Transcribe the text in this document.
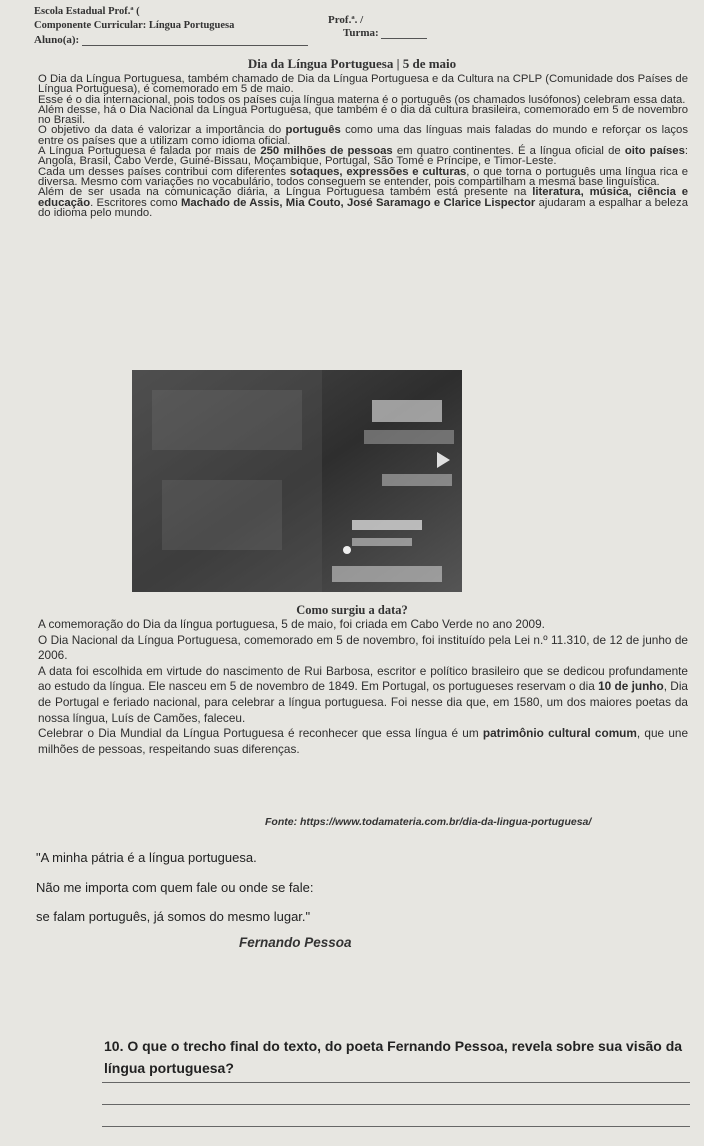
Escola Estadual Prof.ª (
Prof.ª. /
Componente Curricular: Língua Portuguesa
Turma:
Aluno(a):
Dia da Língua Portuguesa | 5 de maio

O Dia da Língua Portuguesa, também chamado de Dia da Língua Portuguesa e da Cultura na CPLP (Comunidade dos Países de Língua Portuguesa), é comemorado em 5 de maio.

Esse é o dia internacional, pois todos os países cuja língua materna é o português (os chamados lusófonos) celebram essa data.

Além desse, há o Dia Nacional da Língua Portuguesa, que também é o dia da cultura brasileira, comemorado em 5 de novembro no Brasil.

O objetivo da data é valorizar a importância do português como uma das línguas mais faladas do mundo e reforçar os laços entre os países que a utilizam como idioma oficial.

A Língua Portuguesa é falada por mais de 250 milhões de pessoas em quatro continentes. É a língua oficial de oito países: Angola, Brasil, Cabo Verde, Guiné-Bissau, Moçambique, Portugal, São Tomé e Príncipe, e Timor-Leste.

Cada um desses países contribui com diferentes sotaques, expressões e culturas, o que torna o português uma língua rica e diversa. Mesmo com variações no vocabulário, todos conseguem se entender, pois compartilham a mesma base linguística.

Além de ser usada na comunicação diária, a Língua Portuguesa também está presente na literatura, música, ciência e educação. Escritores como Machado de Assis, Mia Couto, José Saramago e Clarice Lispector ajudaram a espalhar a beleza do idioma pelo mundo.

Como surgiu a data?

A comemoração do Dia da língua portuguesa, 5 de maio, foi criada em Cabo Verde no ano 2009.

O Dia Nacional da Língua Portuguesa, comemorado em 5 de novembro, foi instituído pela Lei n.º 11.310, de 12 de junho de 2006.

A data foi escolhida em virtude do nascimento de Rui Barbosa, escritor e político brasileiro que se dedicou profundamente ao estudo da língua. Ele nasceu em 5 de novembro de 1849. Em Portugal, os portugueses reservam o dia 10 de junho, Dia de Portugal e feriado nacional, para celebrar a língua portuguesa. Foi nesse dia que, em 1580, um dos maiores poetas da nossa língua, Luís de Camões, faleceu.

Celebrar o Dia Mundial da Língua Portuguesa é reconhecer que essa língua é um patrimônio cultural comum, que une milhões de pessoas, respeitando suas diferenças.

Fonte: https://www.todamateria.com.br/dia-da-lingua-portuguesa/
"A minha pátria é a língua portuguesa.
Não me importa com quem fale ou onde se fale:
se falam português, já somos do mesmo lugar."
Fernando Pessoa
10. O que o trecho final do texto, do poeta Fernando Pessoa, revela sobre sua visão da
língua portuguesa?
